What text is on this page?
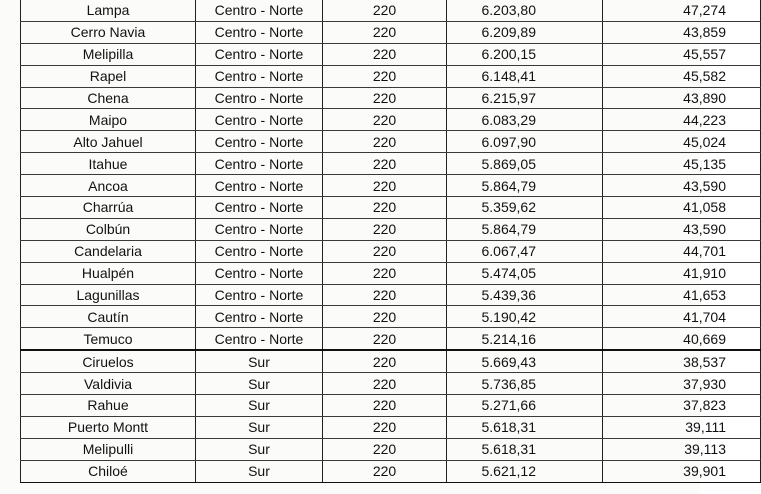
Lampa	Centro - Norte	220	6.203,80	47,274
Cerro Navia	Centro - Norte	220	6.209,89	43,859
Melipilla	Centro - Norte	220	6.200,15	45,557
Rapel	Centro - Norte	220	6.148,41	45,582
Chena	Centro - Norte	220	6.215,97	43,890
Maipo	Centro - Norte	220	6.083,29	44,223
Alto Jahuel	Centro - Norte	220	6.097,90	45,024
Itahue	Centro - Norte	220	5.869,05	45,135
Ancoa	Centro - Norte	220	5.864,79	43,590
Charrúa	Centro - Norte	220	5.359,62	41,058
Colbún	Centro - Norte	220	5.864,79	43,590
Candelaria	Centro - Norte	220	6.067,47	44,701
Hualpén	Centro - Norte	220	5.474,05	41,910
Lagunillas	Centro - Norte	220	5.439,36	41,653
Cautín	Centro - Norte	220	5.190,42	41,704
Temuco	Centro - Norte	220	5.214,16	40,669
Ciruelos	Sur	220	5.669,43	38,537
Valdivia	Sur	220	5.736,85	37,930
Rahue	Sur	220	5.271,66	37,823
Puerto Montt	Sur	220	5.618,31	39,111
Melipulli	Sur	220	5.618,31	39,113
Chiloé	Sur	220	5.621,12	39,901
